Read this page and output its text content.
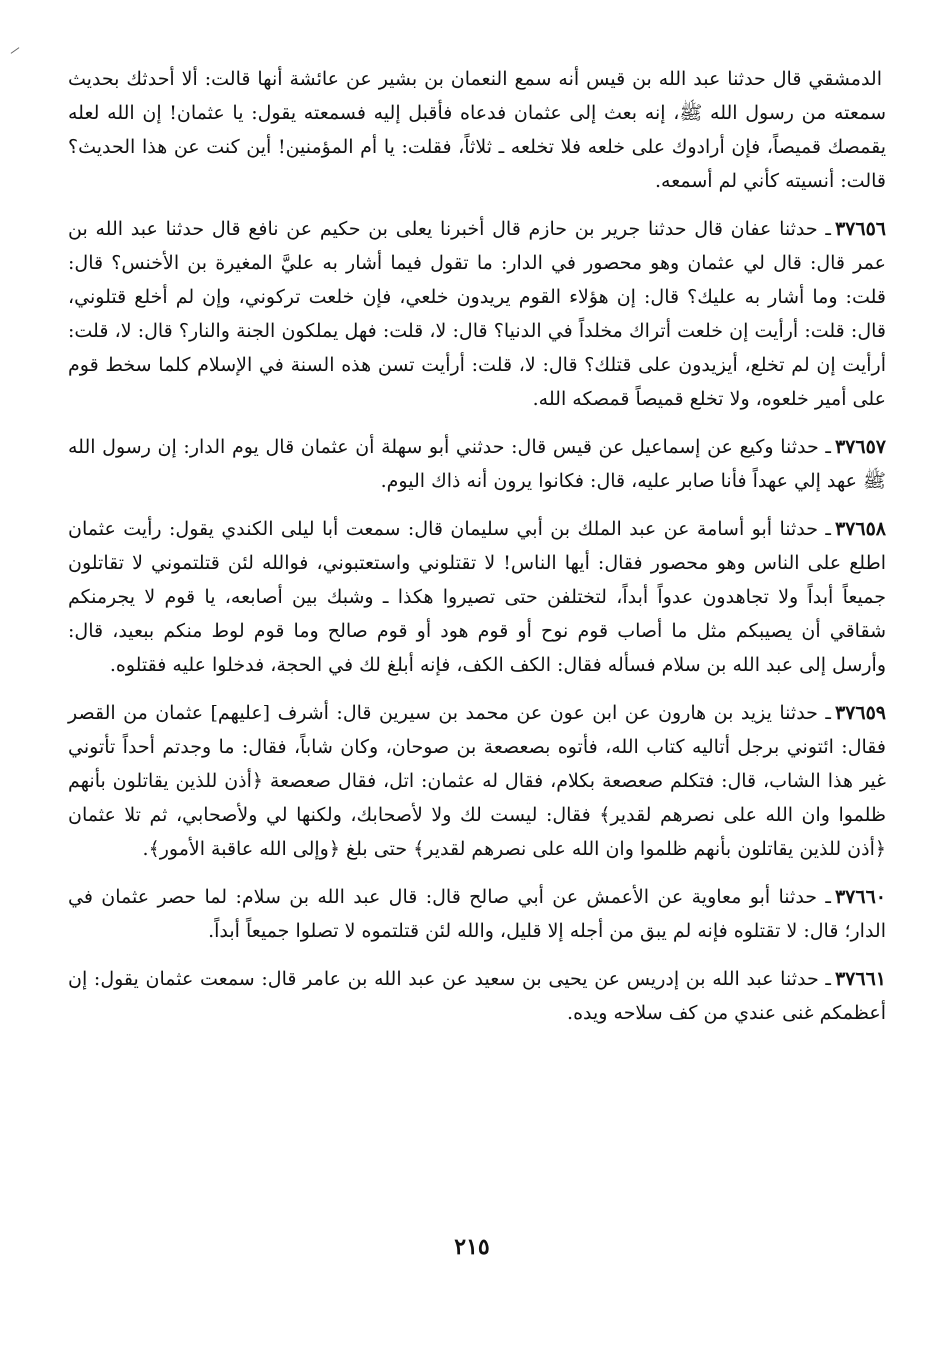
الدمشقي قال حدثنا عبد الله بن قيس أنه سمع النعمان بن بشير عن عائشة أنها قالت: ألا أحدثك بحديث سمعته من رسول الله ﷺ، إنه بعث إلى عثمان فدعاه فأقبل إليه فسمعته يقول: يا عثمان! إن الله لعله يقمصك قميصاً، فإن أرادوك على خلعه فلا تخلعه ـ ثلاثاً، فقلت: يا أم المؤمنين! أين كنت عن هذا الحديث؟ قالت: أنسيته كأني لم أسمعه.

٣٧٦٥٦ـ حدثنا عفان قال حدثنا جرير بن حازم قال أخبرنا يعلى بن حكيم عن نافع قال حدثنا عبد الله بن عمر قال: قال لي عثمان وهو محصور في الدار: ما تقول فيما أشار به عليَّ المغيرة بن الأخنس؟ قال: قلت: وما أشار به عليك؟ قال: إن هؤلاء القوم يريدون خلعي، فإن خلعت تركوني، وإن لم أخلع قتلوني، قال: قلت: أرأيت إن خلعت أتراك مخلداً في الدنيا؟ قال: لا، قلت: فهل يملكون الجنة والنار؟ قال: لا، قلت: أرأيت إن لم تخلع، أيزيدون على قتلك؟ قال: لا، قلت: أرأيت تسن هذه السنة في الإسلام كلما سخط قوم على أمير خلعوه، ولا تخلع قميصاً قمصكه الله.

٣٧٦٥٧ـ حدثنا وكيع عن إسماعيل عن قيس قال: حدثني أبو سهلة أن عثمان قال يوم الدار: إن رسول الله ﷺ عهد إلي عهداً فأنا صابر عليه، قال: فكانوا يرون أنه ذاك اليوم.

٣٧٦٥٨ـ حدثنا أبو أسامة عن عبد الملك بن أبي سليمان قال: سمعت أبا ليلى الكندي يقول: رأيت عثمان اطلع على الناس وهو محصور فقال: أيها الناس! لا تقتلوني واستعتبوني، فوالله لئن قتلتموني لا تقاتلون جميعاً أبداً ولا تجاهدون عدواً أبداً، لتختلفن حتى تصيروا هكذا ـ وشبك بين أصابعه، يا قوم لا يجرمنكم شقاقي أن يصيبكم مثل ما أصاب قوم نوح أو قوم هود أو قوم صالح وما قوم لوط منكم ببعيد، قال: وأرسل إلى عبد الله بن سلام فسأله فقال: الكف الكف، فإنه أبلغ لك في الحجة، فدخلوا عليه فقتلوه.

٣٧٦٥٩ـ حدثنا يزيد بن هارون عن ابن عون عن محمد بن سيرين قال: أشرف [عليهم] عثمان من القصر فقال: ائتوني برجل أتاليه كتاب الله، فأتوه بصعصعة بن صوحان، وكان شاباً، فقال: ما وجدتم أحداً تأتوني غير هذا الشاب، قال: فتكلم صعصعة بكلام، فقال له عثمان: اتل، فقال صعصعة ﴿أذن للذين يقاتلون بأنهم ظلموا وان الله على نصرهم لقدير﴾ فقال: ليست لك ولا لأصحابك، ولكنها لي ولأصحابي، ثم تلا عثمان ﴿أذن للذين يقاتلون بأنهم ظلموا وان الله على نصرهم لقدير﴾ حتى بلغ ﴿وإلى الله عاقبة الأمور﴾.

٣٧٦٦٠ـ حدثنا أبو معاوية عن الأعمش عن أبي صالح قال: قال عبد الله بن سلام: لما حصر عثمان في الدار؛ قال: لا تقتلوه فإنه لم يبق من أجله إلا قليل، والله لئن قتلتموه لا تصلوا جميعاً أبداً.

٣٧٦٦١ـ حدثنا عبد الله بن إدريس عن يحيى بن سعيد عن عبد الله بن عامر قال: سمعت عثمان يقول: إن أعظمكم غنى عندي من كف سلاحه ويده.

٢١٥
